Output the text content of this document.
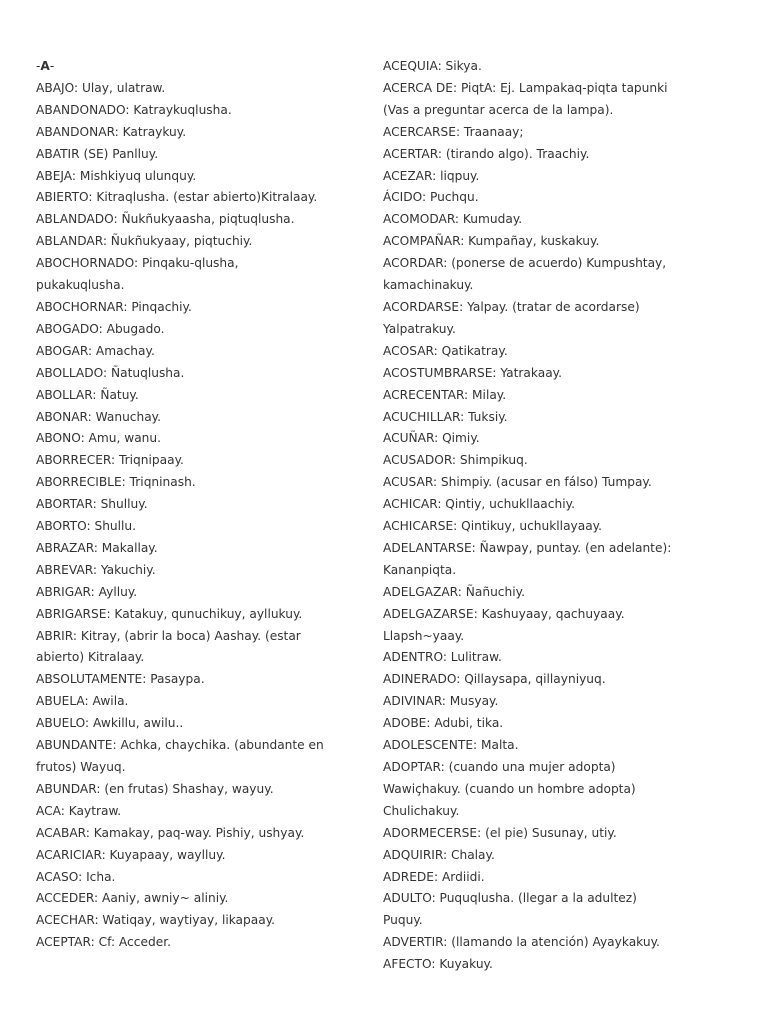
-A-
ABAJO: Ulay, ulatraw.
ABANDONADO: Katraykuqlusha.
ABANDONAR: Katraykuy.
ABATIR (SE) Panlluy.
ABEJA: Mishkiyuq ulunquy.
ABIERTO: Kitraqlusha. (estar abierto)Kitralaay.
ABLANDADO: Ñukñukyaasha, piqtuqlusha.
ABLANDAR: Ñukñukyaay, piqtuchiy.
ABOCHORNADO: Pinqaku-qlusha,
pukakuqlusha.
ABOCHORNAR: Pinqachiy.
ABOGADO: Abugado.
ABOGAR: Amachay.
ABOLLADO: Ñatuqlusha.
ABOLLAR: Ñatuy.
ABONAR: Wanuchay.
ABONO: Amu, wanu.
ABORRECER: Triqnipaay.
ABORRECIBLE: Triqninash.
ABORTAR: Shulluy.
ABORTO: Shullu.
ABRAZAR: Makallay.
ABREVAR: Yakuchiy.
ABRIGAR: Aylluy.
ABRIGARSE: Katakuy, qunuchikuy, ayllukuy.
ABRIR: Kitray, (abrir la boca) Aashay. (estar
abierto) Kitralaay.
ABSOLUTAMENTE: Pasaypa.
ABUELA: Awila.
ABUELO: Awkillu, awilu..
ABUNDANTE: Achka, chaychika. (abundante en
frutos) Wayuq.
ABUNDAR: (en frutas) Shashay, wayuy.
ACA: Kaytraw.
ACABAR: Kamakay, paq-way. Pishiy, ushyay.
ACARICIAR: Kuyapaay, waylluy.
ACASO: Icha.
ACCEDER: Aaniy, awniy~ aliniy.
ACECHAR: Watiqay, waytiyay, likapaay.
ACEPTAR: Cf: Acceder.
ACEQUIA: Sikya.
ACERCA DE: PiqtA: Ej. Lampakaq-piqta tapunki
(Vas a preguntar acerca de la lampa).
ACERCARSE: Traanaay;
ACERTAR: (tirando algo). Traachiy.
ACEZAR: liqpuy.
ÁCIDO: Puchqu.
ACOMODAR: Kumuday.
ACOMPAÑAR: Kumpañay, kuskakuy.
ACORDAR: (ponerse de acuerdo) Kumpushtay,
kamachinakuy.
ACORDARSE: Yalpay. (tratar de acordarse)
Yalpatrakuy.
ACOSAR: Qatikatray.
ACOSTUMBRARSE: Yatrakaay.
ACRECENTAR: Milay.
ACUCHILLAR: Tuksiy.
ACUÑAR: Qimiy.
ACUSADOR: Shimpikuq.
ACUSAR: Shimpiy. (acusar en fálso) Tumpay.
ACHICAR: Qintiy, uchukllaachiy.
ACHICARSE: Qintikuy, uchukllayaay.
ADELANTARSE: Ñawpay, puntay. (en adelante):
Kananpiqta.
ADELGAZAR: Ñañuchiy.
ADELGAZARSE: Kashuyaay, qachuyaay.
Llapsh~yaay.
ADENTRO: Lulitraw.
ADINERADO: Qillaysapa, qillayniyuq.
ADIVINAR: Musyay.
ADOBE: Adubi, tika.
ADOLESCENTE: Malta.
ADOPTAR: (cuando una mujer adopta)
Wawiçhakuy. (cuando un hombre adopta)
Chulichakuy.
ADORMECERSE: (el pie) Susunay, utiy.
ADQUIRIR: Chalay.
ADREDE: Ardiidi.
ADULTO: Puquqlusha. (llegar a la adultez)
Puquy.
ADVERTIR: (llamando la atención) Ayaykakuy.
AFECTO: Kuyakuy.
